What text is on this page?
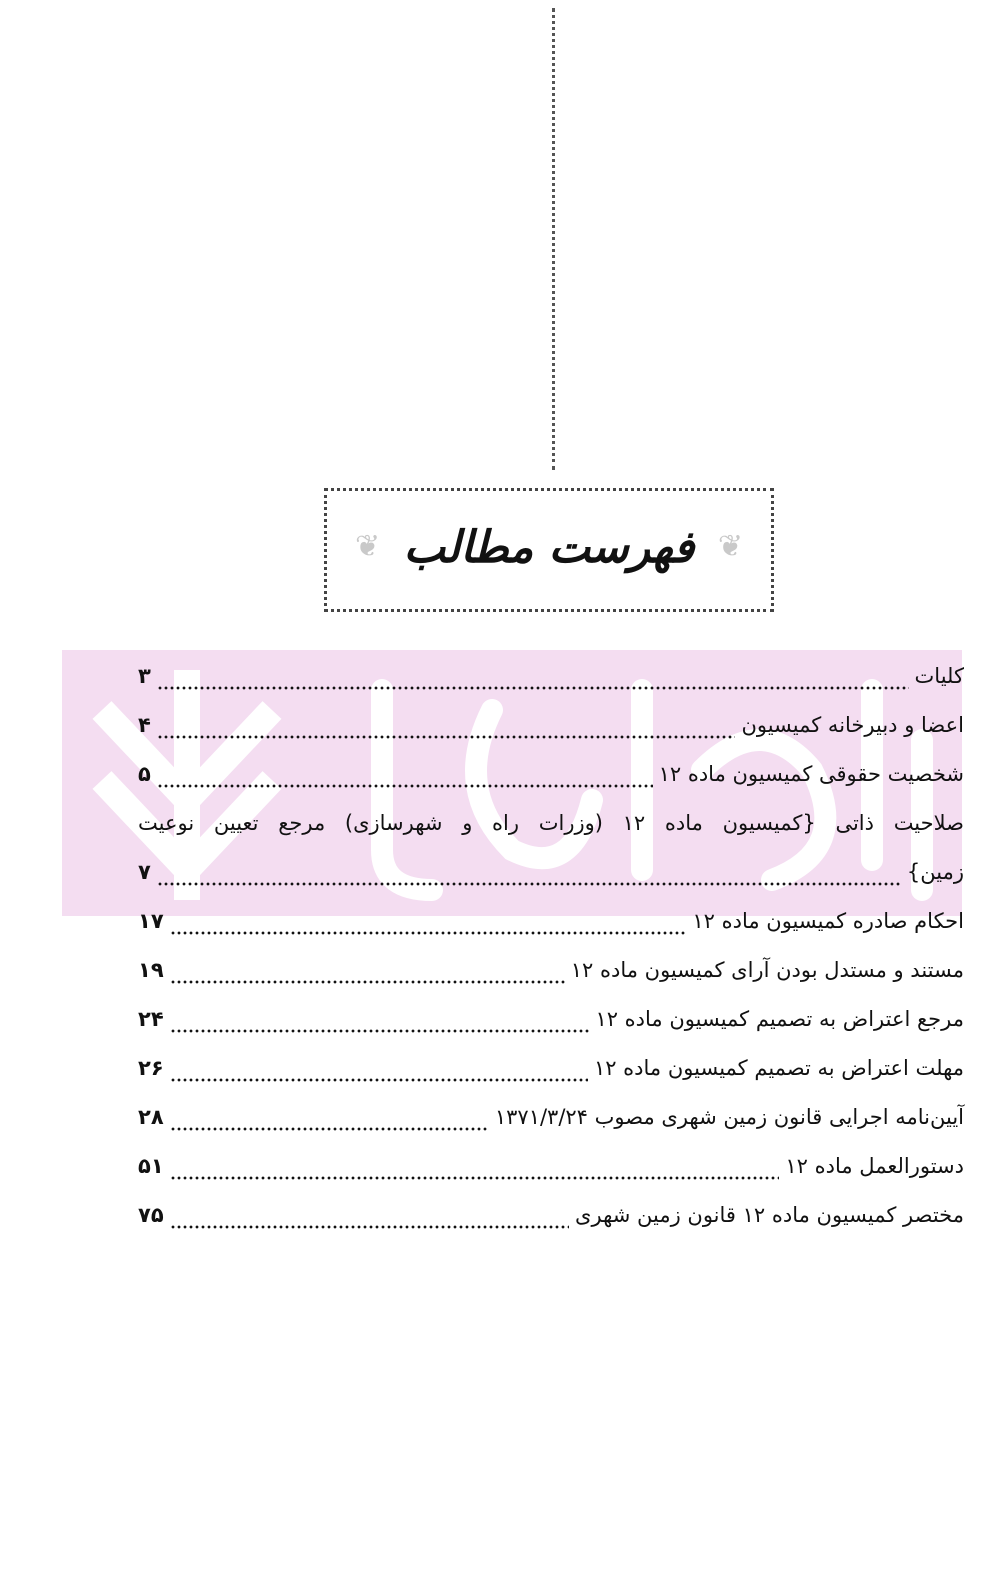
❦ فهرست مطالب ❦
کلیات
۳
اعضا و دبیرخانه کمیسیون
۴
شخصیت حقوقی کمیسیون ماده ۱۲
۵
صلاحیت ذاتی {کمیسیون ماده ۱۲ (وزرات راه و شهرسازی) مرجع تعیین نوعیت
زمین}
۷
احکام صادره کمیسیون ماده ۱۲
۱۷
مستند و مستدل بودن آرای کمیسیون ماده ۱۲
۱۹
مرجع اعتراض به تصمیم کمیسیون ماده ۱۲
۲۴
مهلت اعتراض به تصمیم کمیسیون ماده ۱۲
۲۶
آیین‌نامه اجرایی قانون زمین شهری مصوب ۱۳۷۱/۳/۲۴
۲۸
دستورالعمل ماده ۱۲
۵۱
مختصر کمیسیون ماده ۱۲ قانون زمین شهری
۷۵
